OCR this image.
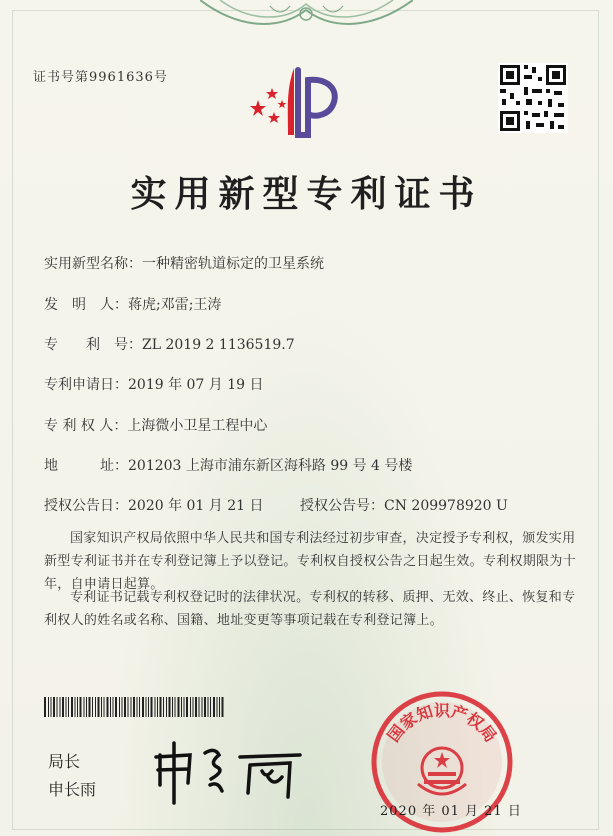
证书号第9961636号
实用新型专利证书
实用新型名称：一种精密轨道标定的卫星系统
发　明　人：蒋虎;邓雷;王涛
专　　利　号：ZL 2019 2 1136519.7
专利申请日：2019 年 07 月 19 日
专 利 权 人：上海微小卫星工程中心
地　　　址：201203 上海市浦东新区海科路 99 号 4 号楼
授权公告日：2020 年 01 月 21 日	授权公告号：CN 209978920 U
国家知识产权局依照中华人民共和国专利法经过初步审查，决定授予专利权，颁发实用新型专利证书并在专利登记簿上予以登记。专利权自授权公告之日起生效。专利权期限为十年，自申请日起算。
专利证书记载专利权登记时的法律状况。专利权的转移、质押、无效、终止、恢复和专利权人的姓名或名称、国籍、地址变更等事项记载在专利登记簿上。
局长
申长雨
国家知识产权局
2020 年 01 月 21 日
